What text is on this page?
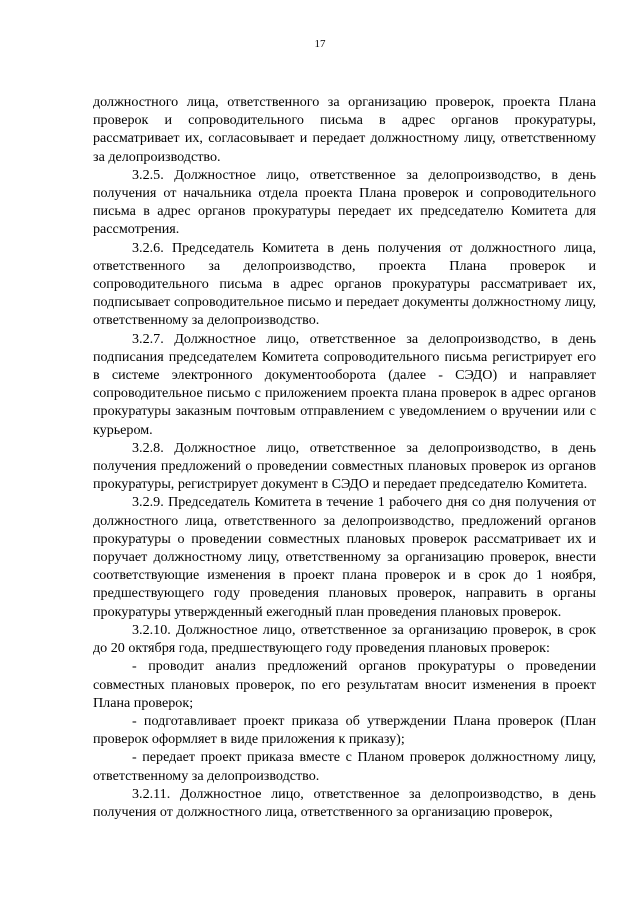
17

должностного лица, ответственного за организацию проверок, проекта Плана проверок и сопроводительного письма в адрес органов прокуратуры, рассматривает их, согласовывает и передает должностному лицу, ответственному за делопроизводство.

3.2.5. Должностное лицо, ответственное за делопроизводство, в день получения от начальника отдела проекта Плана проверок и сопроводительного письма в адрес органов прокуратуры передает их председателю Комитета для рассмотрения.

3.2.6. Председатель Комитета в день получения от должностного лица, ответственного за делопроизводство, проекта Плана проверок и сопроводительного письма в адрес органов прокуратуры рассматривает их, подписывает сопроводительное письмо и передает документы должностному лицу, ответственному за делопроизводство.

3.2.7. Должностное лицо, ответственное за делопроизводство, в день подписания председателем Комитета сопроводительного письма регистрирует его в системе электронного документооборота (далее - СЭДО) и направляет сопроводительное письмо с приложением проекта плана проверок в адрес органов прокуратуры заказным почтовым отправлением с уведомлением о вручении или с курьером.

3.2.8. Должностное лицо, ответственное за делопроизводство, в день получения предложений о проведении совместных плановых проверок из органов прокуратуры, регистрирует документ в СЭДО и передает председателю Комитета.

3.2.9. Председатель Комитета в течение 1 рабочего дня со дня получения от должностного лица, ответственного за делопроизводство, предложений органов прокуратуры о проведении совместных плановых проверок рассматривает их и поручает должностному лицу, ответственному за организацию проверок, внести соответствующие изменения в проект плана проверок и в срок до 1 ноября, предшествующего году проведения плановых проверок, направить в органы прокуратуры утвержденный ежегодный план проведения плановых проверок.

3.2.10. Должностное лицо, ответственное за организацию проверок, в срок до 20 октября года, предшествующего году проведения плановых проверок:

- проводит анализ предложений органов прокуратуры о проведении совместных плановых проверок, по его результатам вносит изменения в проект Плана проверок;

- подготавливает проект приказа об утверждении Плана проверок (План проверок оформляет в виде приложения к приказу);

- передает проект приказа вместе с Планом проверок должностному лицу, ответственному за делопроизводство.

3.2.11. Должностное лицо, ответственное за делопроизводство, в день получения от должностного лица, ответственного за организацию проверок,
